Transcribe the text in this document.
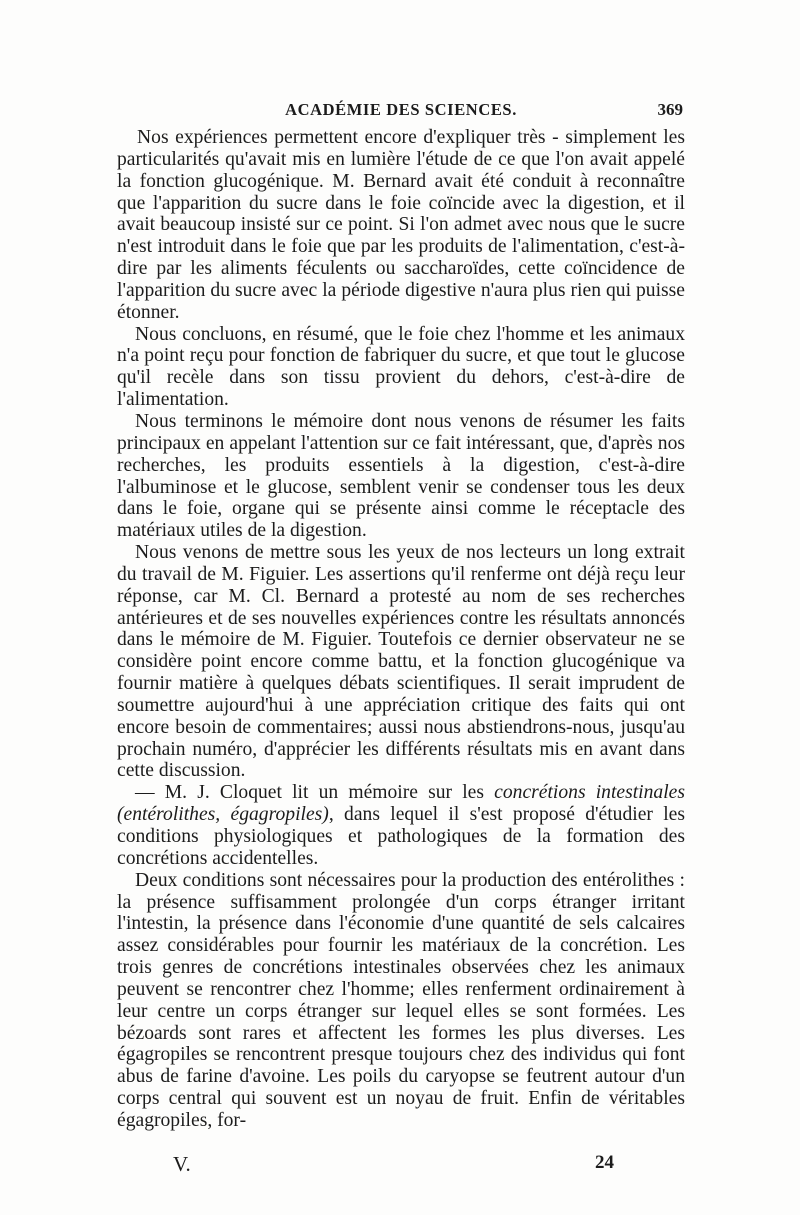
ACADÉMIE DES SCIENCES.	369

Nos expériences permettent encore d'expliquer très - simplement les particularités qu'avait mis en lumière l'étude de ce que l'on avait appelé la fonction glucogénique. M. Bernard avait été conduit à reconnaître que l'apparition du sucre dans le foie coïncide avec la digestion, et il avait beaucoup insisté sur ce point. Si l'on admet avec nous que le sucre n'est introduit dans le foie que par les produits de l'alimentation, c'est-à-dire par les aliments féculents ou saccharoïdes, cette coïncidence de l'apparition du sucre avec la période digestive n'aura plus rien qui puisse étonner.

Nous concluons, en résumé, que le foie chez l'homme et les animaux n'a point reçu pour fonction de fabriquer du sucre, et que tout le glucose qu'il recèle dans son tissu provient du dehors, c'est-à-dire de l'alimentation.

Nous terminons le mémoire dont nous venons de résumer les faits principaux en appelant l'attention sur ce fait intéressant, que, d'après nos recherches, les produits essentiels à la digestion, c'est-à-dire l'albuminose et le glucose, semblent venir se condenser tous les deux dans le foie, organe qui se présente ainsi comme le réceptacle des matériaux utiles de la digestion.

Nous venons de mettre sous les yeux de nos lecteurs un long extrait du travail de M. Figuier. Les assertions qu'il renferme ont déjà reçu leur réponse, car M. Cl. Bernard a protesté au nom de ses recherches antérieures et de ses nouvelles expériences contre les résultats annoncés dans le mémoire de M. Figuier. Toutefois ce dernier observateur ne se considère point encore comme battu, et la fonction glucogénique va fournir matière à quelques débats scientifiques. Il serait imprudent de soumettre aujourd'hui à une appréciation critique des faits qui ont encore besoin de commentaires; aussi nous abstiendrons-nous, jusqu'au prochain numéro, d'apprécier les différents résultats mis en avant dans cette discussion.

— M. J. Cloquet lit un mémoire sur les concrétions intestinales (entérolithes, égagropiles), dans lequel il s'est proposé d'étudier les conditions physiologiques et pathologiques de la formation des concrétions accidentelles.

Deux conditions sont nécessaires pour la production des entérolithes : la présence suffisamment prolongée d'un corps étranger irritant l'intestin, la présence dans l'économie d'une quantité de sels calcaires assez considérables pour fournir les matériaux de la concrétion. Les trois genres de concrétions intestinales observées chez les animaux peuvent se rencontrer chez l'homme; elles renferment ordinairement à leur centre un corps étranger sur lequel elles se sont formées. Les bézoards sont rares et affectent les formes les plus diverses. Les égagropiles se rencontrent presque toujours chez des individus qui font abus de farine d'avoine. Les poils du caryopse se feutrent autour d'un corps central qui souvent est un noyau de fruit. Enfin de véritables égagropiles, for-

V.	24
